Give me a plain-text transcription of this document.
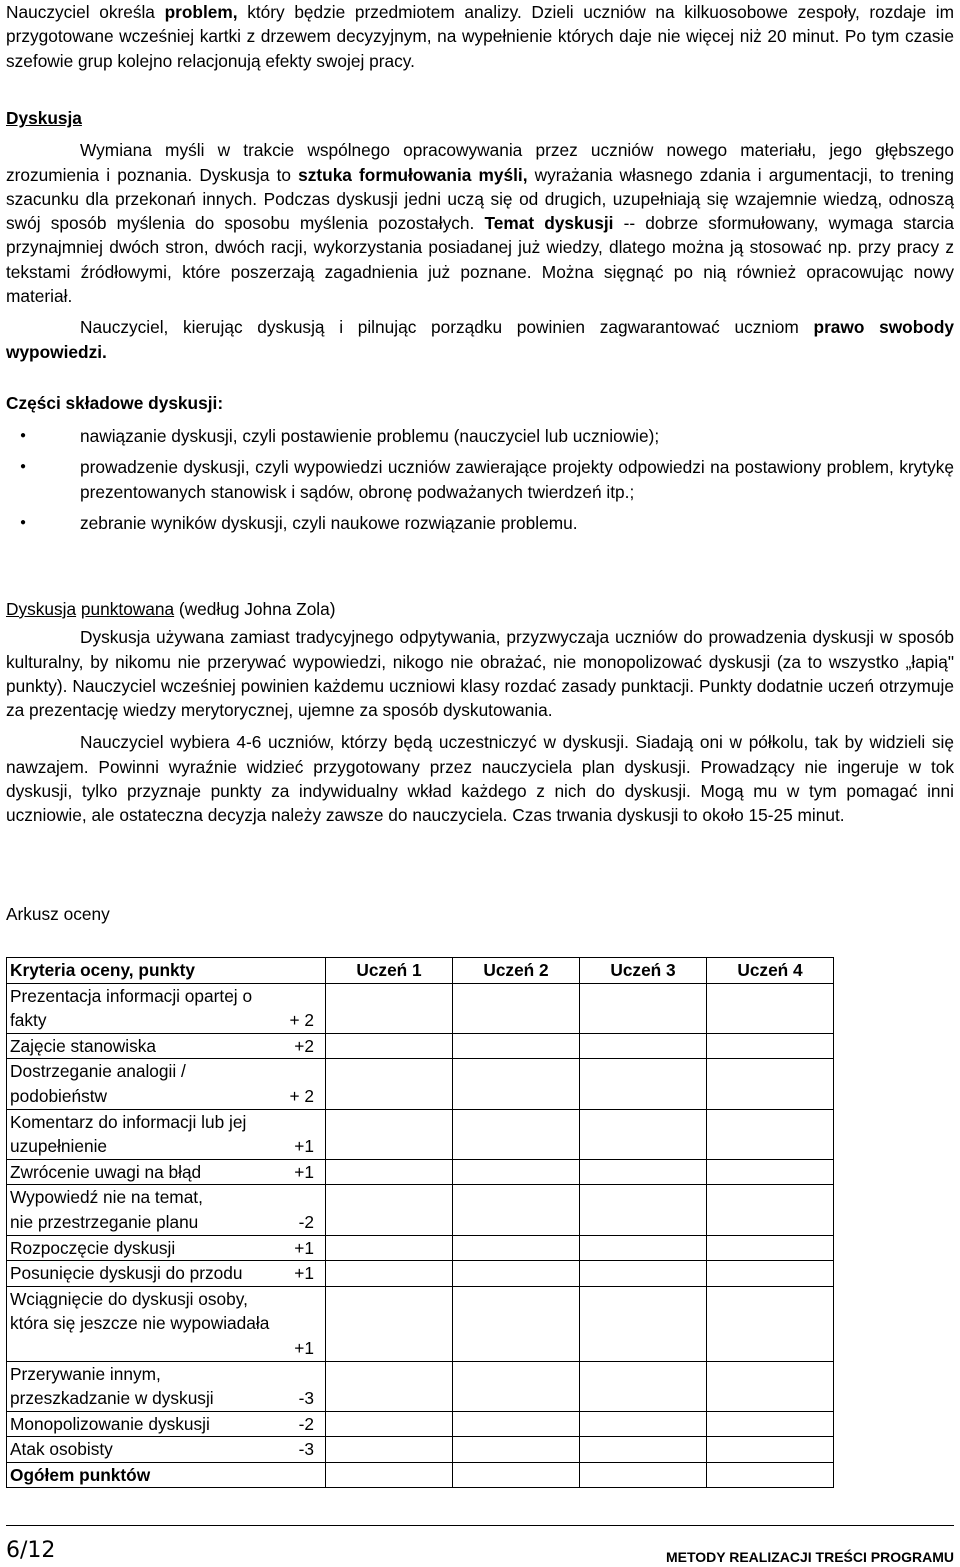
Nauczyciel określa problem, który będzie przedmiotem analizy. Dzieli uczniów na kilkuosobowe zespoły, rozdaje im przygotowane wcześniej kartki z drzewem decyzyjnym, na wypełnienie których daje nie więcej niż 20 minut. Po tym czasie szefowie grup kolejno relacjonują efekty swojej pracy.

Dyskusja

Wymiana myśli w trakcie wspólnego opracowywania przez uczniów nowego materiału, jego głębszego zrozumienia i poznania. Dyskusja to sztuka formułowania myśli, wyrażania własnego zdania i argumentacji, to trening szacunku dla przekonań innych. Podczas dyskusji jedni uczą się od drugich, uzupełniają się wzajemnie wiedzą, odnoszą swój sposób myślenia do sposobu myślenia pozostałych. Temat dyskusji -- dobrze sformułowany, wymaga starcia przynajmniej dwóch stron, dwóch racji, wykorzystania posiadanej już wiedzy, dlatego można ją stosować np. przy pracy z tekstami źródłowymi, które poszerzają zagadnienia już poznane. Można sięgnąć po nią również opracowując nowy materiał.

Nauczyciel, kierując dyskusją i pilnując porządku powinien zagwarantować uczniom prawo swobody wypowiedzi.

Części składowe dyskusji:

● nawiązanie dyskusji, czyli postawienie problemu (nauczyciel lub uczniowie);
● prowadzenie dyskusji, czyli wypowiedzi uczniów zawierające projekty odpowiedzi na postawiony problem, krytykę prezentowanych stanowisk i sądów, obronę podważanych twierdzeń itp.;
● zebranie wyników dyskusji, czyli naukowe rozwiązanie problemu.

Dyskusja punktowana (według Johna Zola)

Dyskusja używana zamiast tradycyjnego odpytywania, przyzwyczaja uczniów do prowadzenia dyskusji w sposób kulturalny, by nikomu nie przerywać wypowiedzi, nikogo nie obrażać, nie monopolizować dyskusji (za to wszystko „łapią" punkty). Nauczyciel wcześniej powinien każdemu uczniowi klasy rozdać zasady punktacji. Punkty dodatnie uczeń otrzymuje za prezentację wiedzy merytorycznej, ujemne za sposób dyskutowania.

Nauczyciel wybiera 4-6 uczniów, którzy będą uczestniczyć w dyskusji. Siadają oni w półkolu, tak by widzieli się nawzajem. Powinni wyraźnie widzieć przygotowany przez nauczyciela plan dyskusji. Prowadzący nie ingeruje w tok dyskusji, tylko przyznaje punkty za indywidualny wkład każdego z nich do dyskusji. Mogą mu w tym pomagać inni uczniowie, ale ostateczna decyzja należy zawsze do nauczyciela. Czas trwania dyskusji to około 15-25 minut.

Arkusz oceny

Kryteria oceny, punkty	Uczeń 1	Uczeń 2	Uczeń 3	Uczeń 4

Prezentacja informacji opartej o
fakty + 2				

Zajęcie stanowiska +2				

Dostrzeganie analogii /
podobieństw + 2				

Komentarz do informacji lub jej
uzupełnienie +1				

Zwrócenie uwagi na błąd +1				

Wypowiedź nie na temat,
nie przestrzeganie planu -2				

Rozpoczęcie dyskusji +1				

Posunięcie dyskusji do przodu +1				

Wciągnięcie do dyskusji osoby,
która się jeszcze nie wypowiadała
+1				

Przerywanie innym,
przeszkadzanie w dyskusji -3				

Monopolizowanie dyskusji -2				

Atak osobisty -3				

Ogółem punktów				
6/12	METODY REALIZACJI TREŚCI PROGRAMU
